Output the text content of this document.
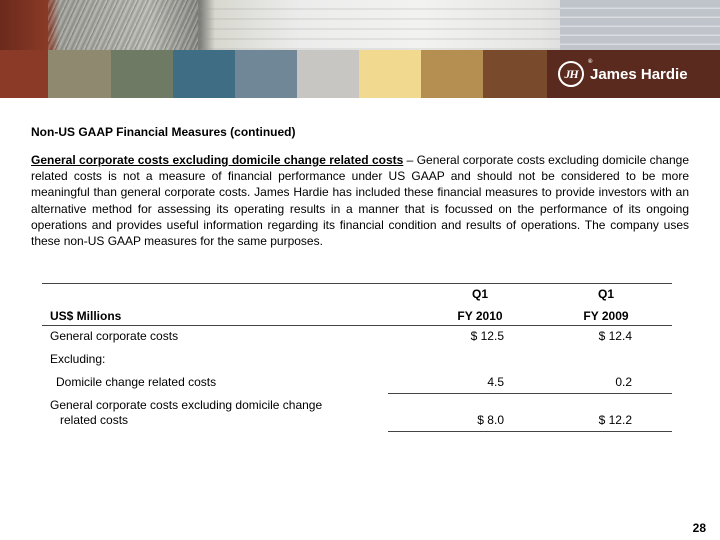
JH
®
James Hardie
Non-US GAAP Financial Measures (continued)
General corporate costs excluding domicile change related costs – General corporate costs excluding domicile change related costs is not a measure of financial performance under US GAAP and should not be considered to be more meaningful than general corporate costs. James Hardie has included these financial measures to provide investors with an alternative method for assessing its operating results in a manner that is focussed on the performance of its ongoing operations and provides useful information regarding its financial condition and results of operations. The company uses these non-US GAAP measures for the same purposes.
Q1	Q1
US$ Millions	FY 2010	FY 2009
General corporate costs	$ 12.5	$ 12.4
Excluding:
Domicile change related costs	4.5	0.2
General corporate costs excluding domicile change
related costs	$ 8.0	$ 12.2
28
